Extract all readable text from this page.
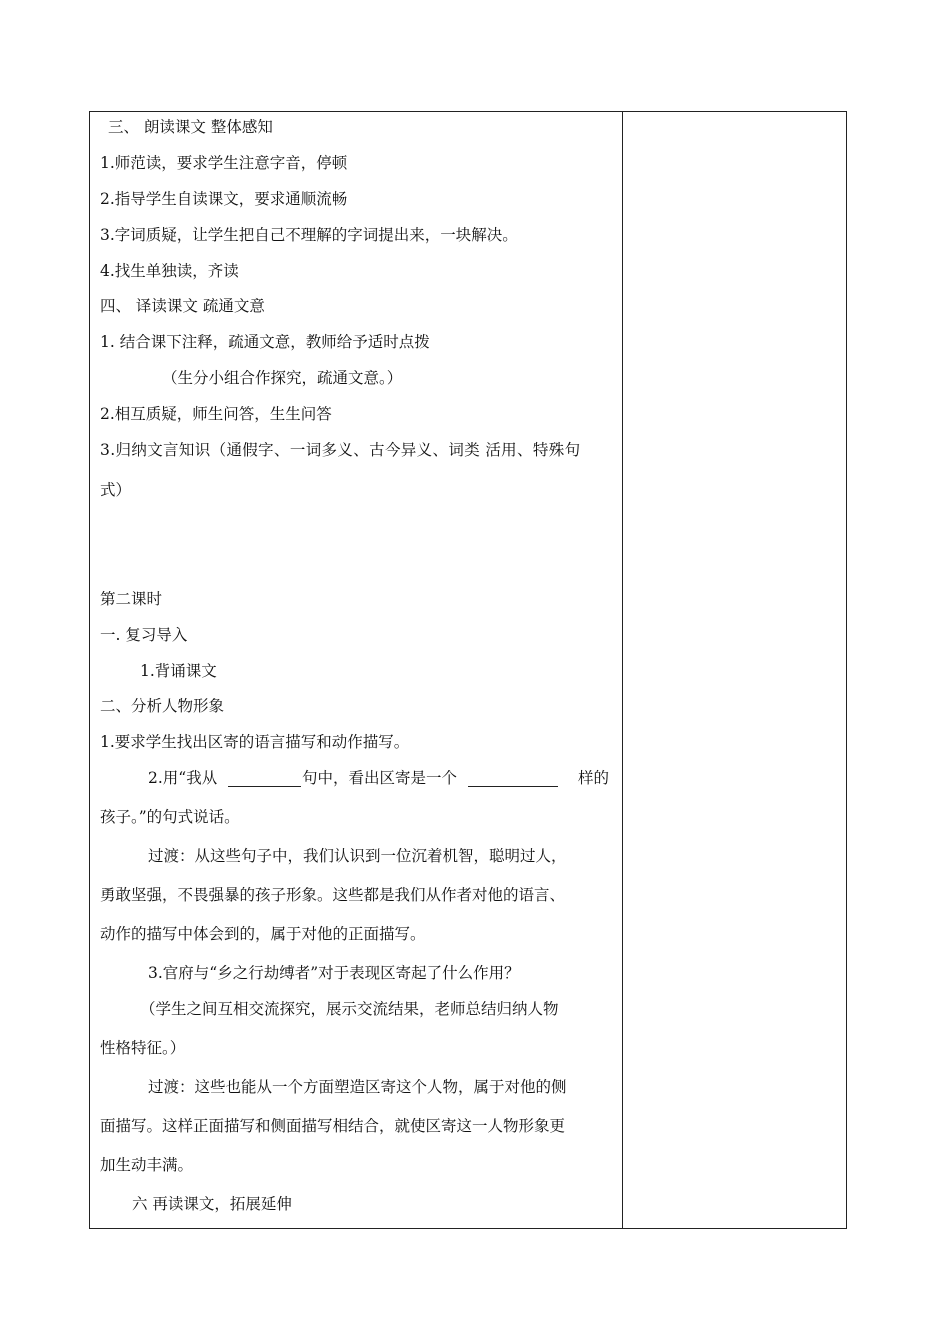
三、 朗读课文 整体感知
1.师范读，要求学生注意字音，停顿
2.指导学生自读课文，要求通顺流畅
3.字词质疑，让学生把自己不理解的字词提出来，一块解决。
4.找生单独读，齐读
四、 译读课文 疏通文意
1. 结合课下注释，疏通文意，教师给予适时点拨
（生分小组合作探究，疏通文意。）
2.相互质疑，师生问答，生生问答
3.归纳文言知识（通假字、一词多义、古今异义、词类 活用、特殊句
式）
第二课时
一. 复习导入
1.背诵课文
二、分析人物形象
1.要求学生找出区寄的语言描写和动作描写。
2.用“我从	句中，看出区寄是一个	样的
孩子。”的句式说话。
过渡：从这些句子中，我们认识到一位沉着机智，聪明过人，
勇敢坚强，不畏强暴的孩子形象。这些都是我们从作者对他的语言、
动作的描写中体会到的，属于对他的正面描写。
3.官府与“乡之行劫缚者”对于表现区寄起了什么作用？
（学生之间互相交流探究，展示交流结果，老师总结归纳人物
性格特征。）
过渡：这些也能从一个方面塑造区寄这个人物，属于对他的侧
面描写。这样正面描写和侧面描写相结合，就使区寄这一人物形象更
加生动丰满。
六 再读课文，拓展延伸
